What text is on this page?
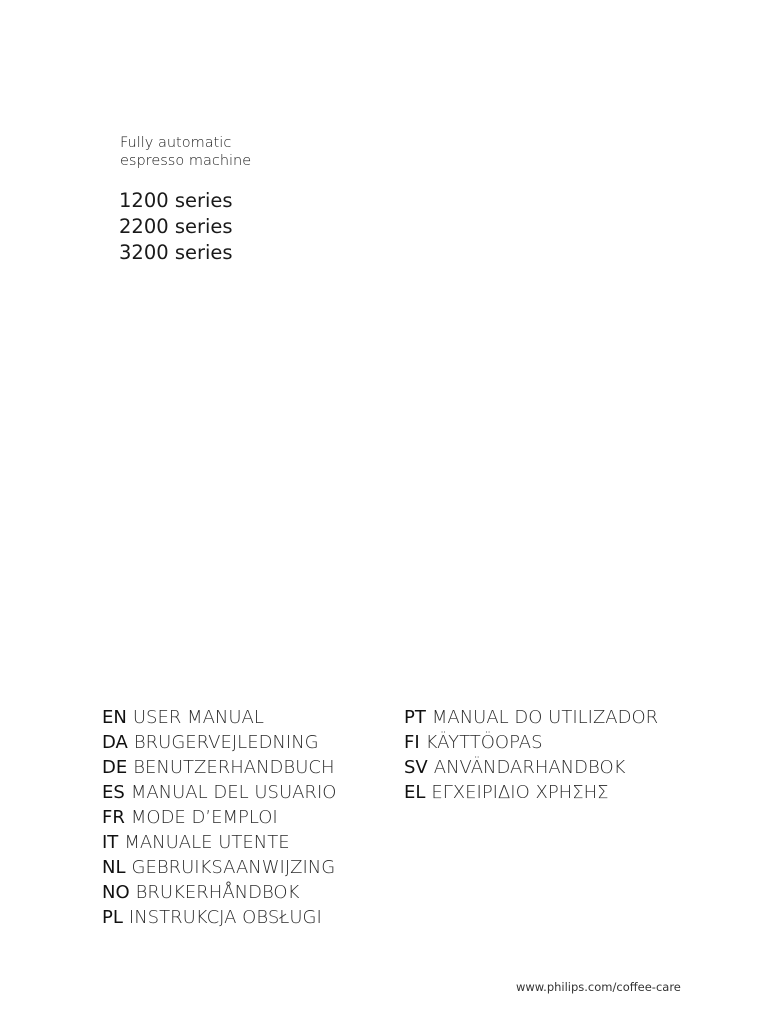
Fully automatic
espresso machine
1200 series
2200 series
3200 series
EN USER MANUAL
DA BRUGERVEJLEDNING
DE BENUTZERHANDBUCH
ES MANUAL DEL USUARIO
FR MODE D’EMPLOI
IT MANUALE UTENTE
NL GEBRUIKSAANWIJZING
NO BRUKERHÅNDBOK
PL INSTRUKCJA OBSŁUGI
PT MANUAL DO UTILIZADOR
FI KÄYTTÖOPAS
SV ANVÄNDARHANDBOK
EL ΕΓΧΕΙΡΙΔΙΟ ΧΡΗΣΗΣ
www.philips.com/coffee-care
